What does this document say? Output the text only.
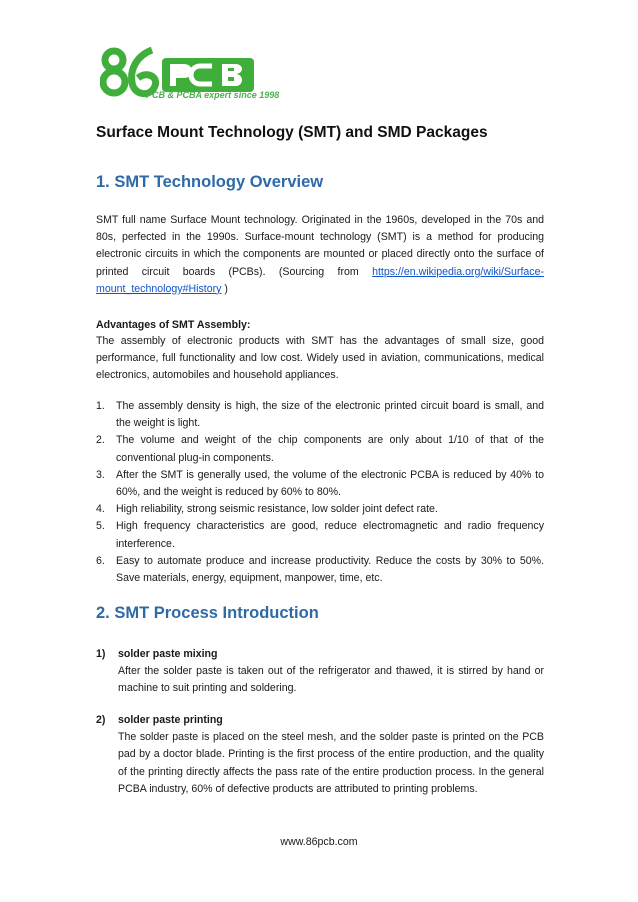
PCB & PCBA expert since 1998
Surface Mount Technology (SMT) and SMD Packages
1. SMT Technology Overview
SMT full name Surface Mount technology. Originated in the 1960s, developed in the 70s and 80s, perfected in the 1990s. Surface-mount technology (SMT) is a method for producing electronic circuits in which the components are mounted or placed directly onto the surface of printed circuit boards (PCBs). (Sourcing from https://en.wikipedia.org/wiki/Surface-mount_technology#History )
Advantages of SMT Assembly:
The assembly of electronic products with SMT has the advantages of small size, good performance, full functionality and low cost. Widely used in aviation, communications, medical electronics, automobiles and household appliances.
1. The assembly density is high, the size of the electronic printed circuit board is small, and the weight is light.
2. The volume and weight of the chip components are only about 1/10 of that of the conventional plug-in components.
3. After the SMT is generally used, the volume of the electronic PCBA is reduced by 40% to 60%, and the weight is reduced by 60% to 80%.
4. High reliability, strong seismic resistance, low solder joint defect rate.
5. High frequency characteristics are good, reduce electromagnetic and radio frequency interference.
6. Easy to automate produce and increase productivity. Reduce the costs by 30% to 50%. Save materials, energy, equipment, manpower, time, etc.
2. SMT Process Introduction
1)	solder paste mixing
After the solder paste is taken out of the refrigerator and thawed, it is stirred by hand or machine to suit printing and soldering.
2)	solder paste printing
The solder paste is placed on the steel mesh, and the solder paste is printed on the PCB pad by a doctor blade. Printing is the first process of the entire production, and the quality of the printing directly affects the pass rate of the entire production process. In the general PCBA industry, 60% of defective products are attributed to printing problems.
www.86pcb.com
